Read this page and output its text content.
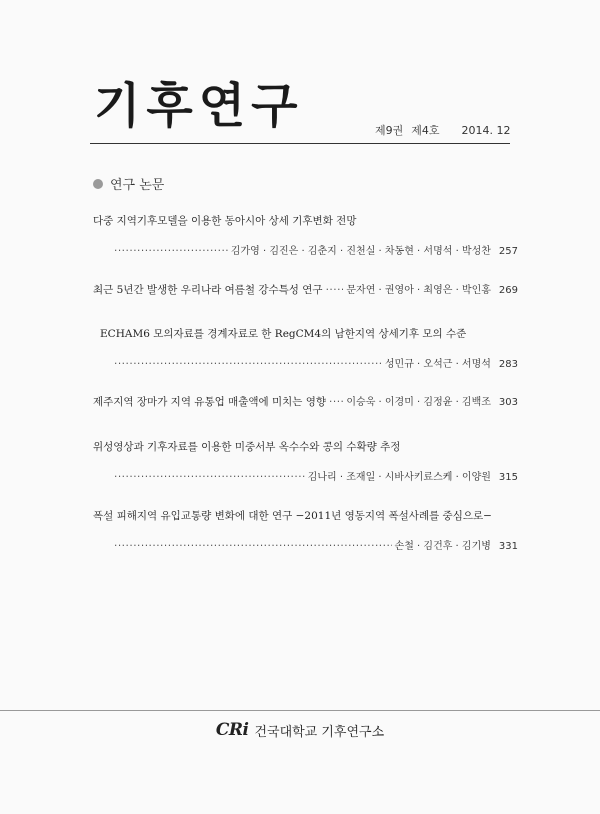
기후연구	제9권 제4호 2014. 12
연구 논문
다중 지역기후모델을 이용한 동아시아 상세 기후변화 전망
·····
김가영 · 김진은 · 김춘지 · 진천실 · 차동현 · 서명석 · 박성찬 257
최근 5년간 발생한 우리나라 여름철 강수특성 연구 ····· 문자연 · 권영아 · 최영은 · 박인홍 269
ECHAM6 모의자료를 경계자료로 한 RegCM4의 남한지역 상세기후 모의 수준
·····
성민규 · 오석근 · 서명석 283
제주지역 장마가 지역 유통업 매출액에 미치는 영향 ····· 이승욱 · 이경미 · 김정윤 · 김백조 303
위성영상과 기후자료를 이용한 미중서부 옥수수와 콩의 수확량 추정
·····
김나리 · 조재일 · 시바사키료스케 · 이양원 315
폭설 피해지역 유입교통량 변화에 대한 연구 −2011년 영동지역 폭설사례를 중심으로−
·····
손철 · 김건후 · 김기병 331
CRi 건국대학교 기후연구소
